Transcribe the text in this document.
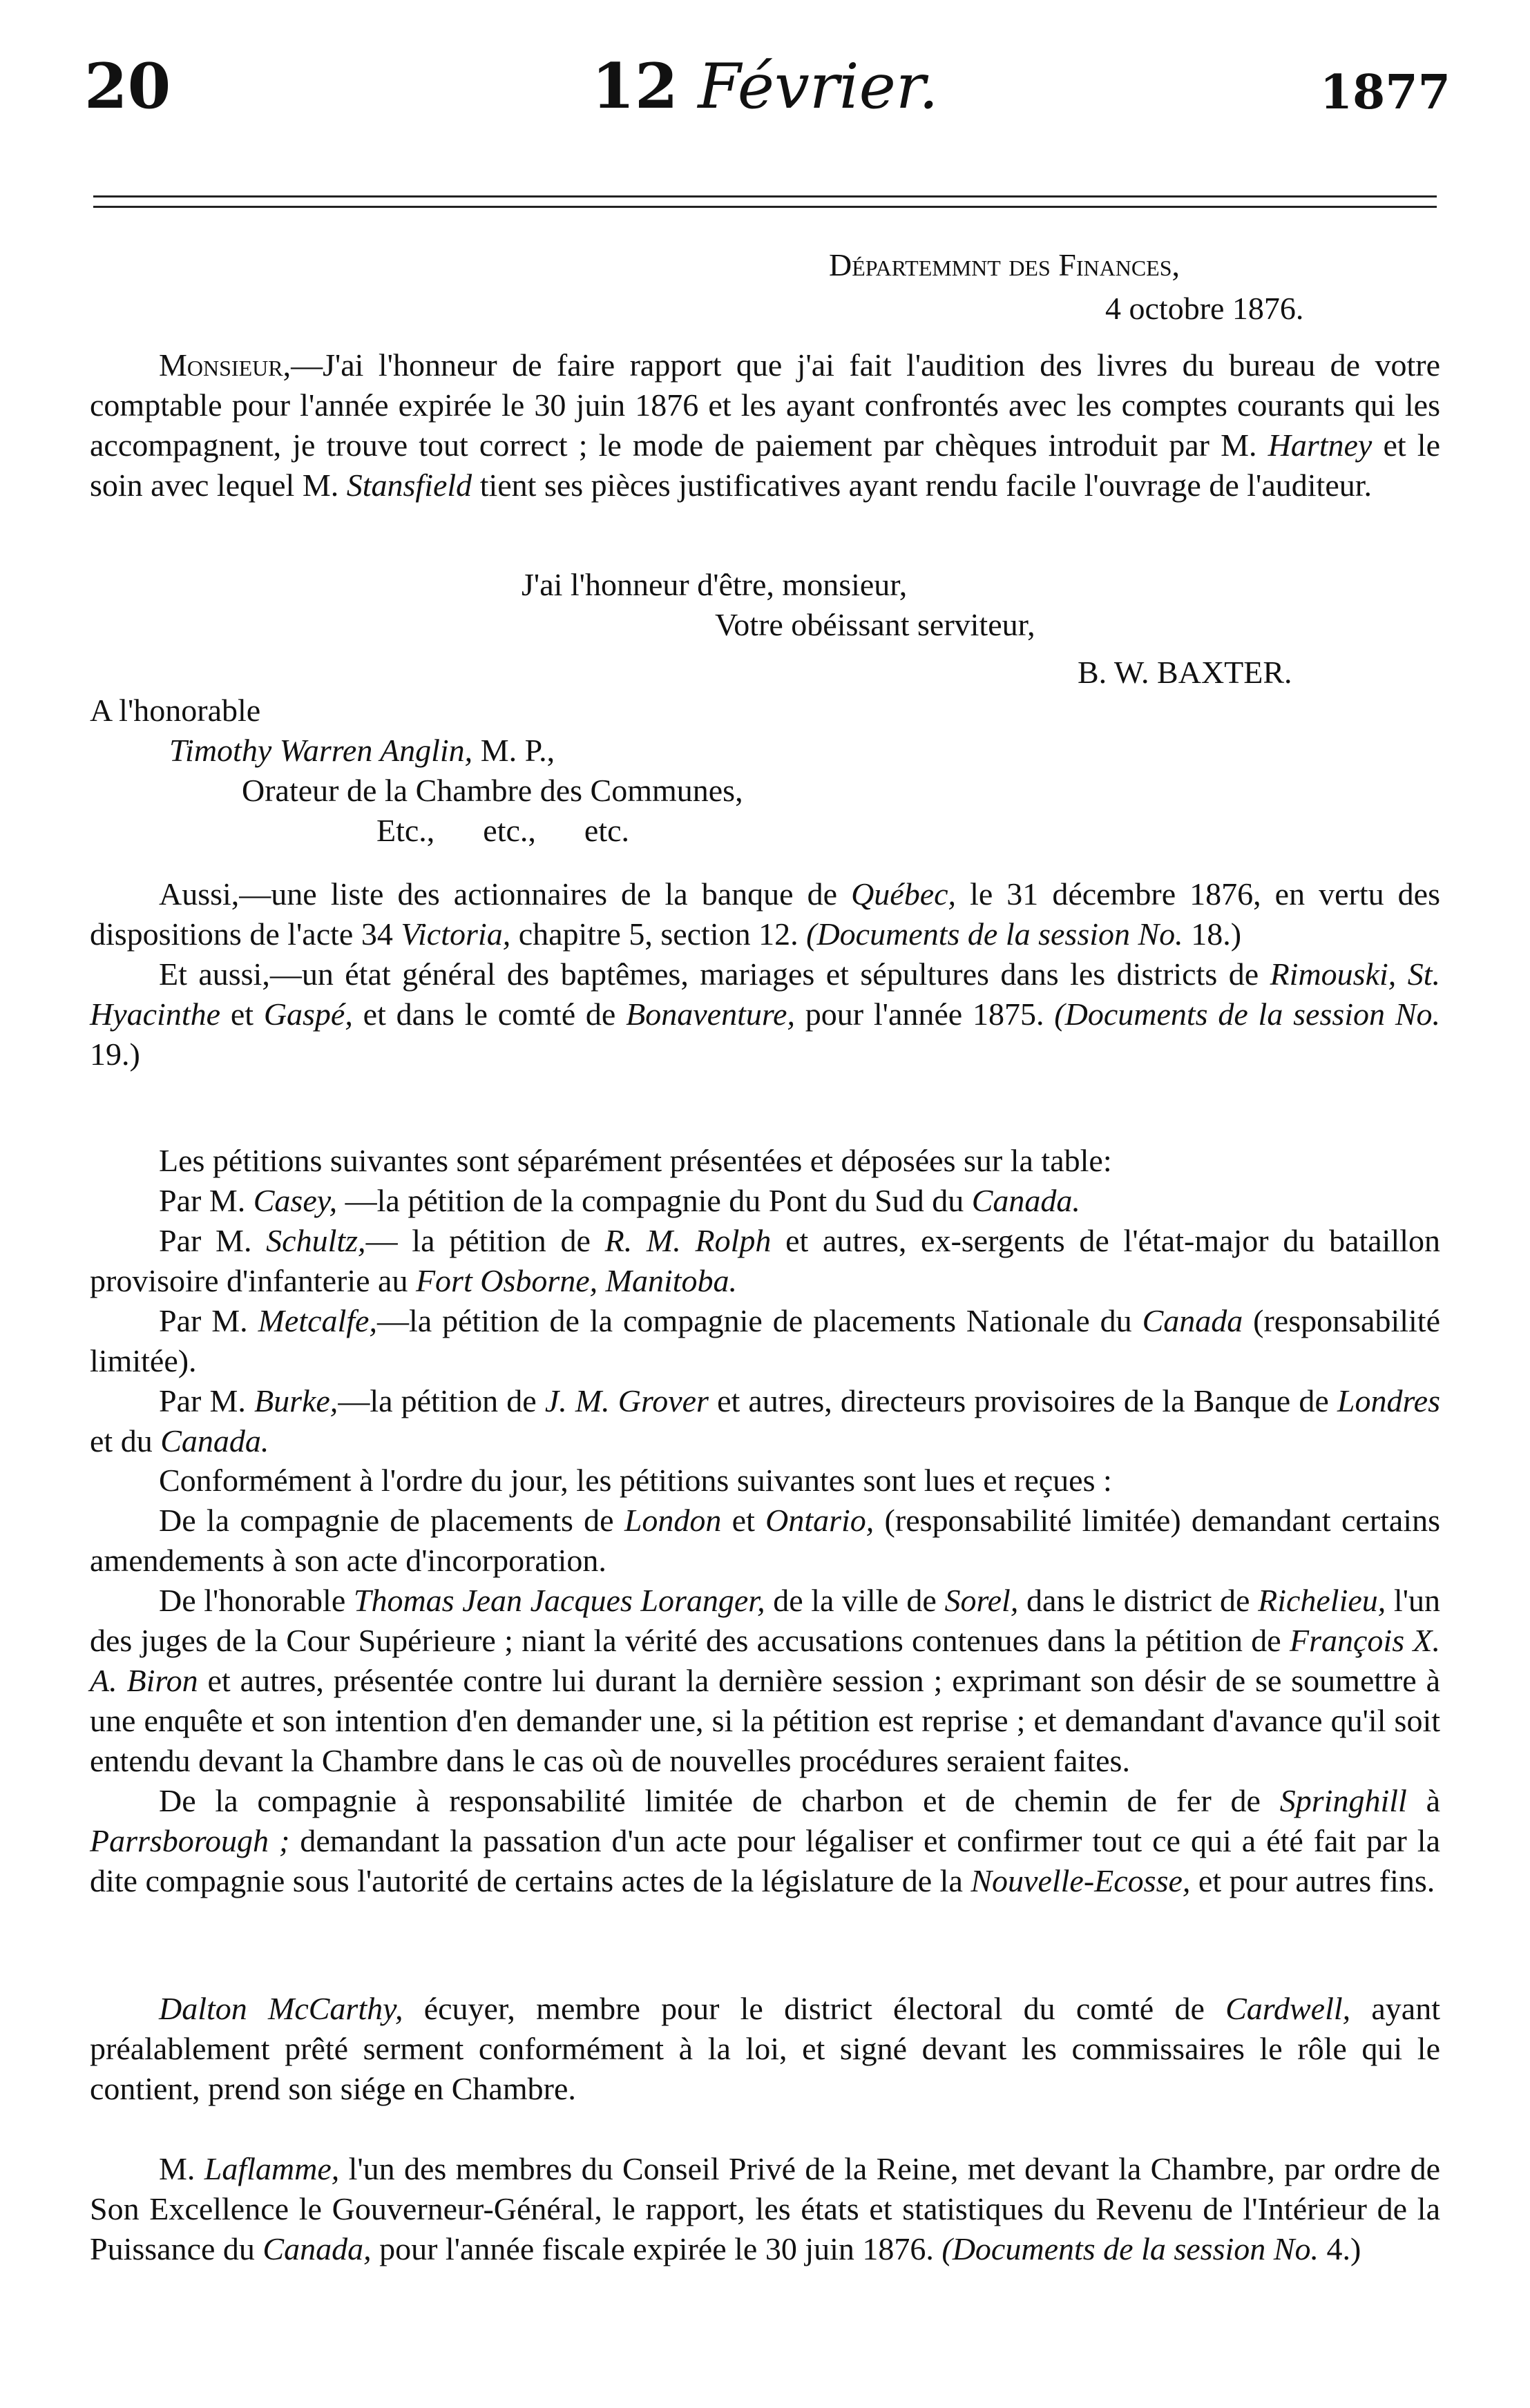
20	12 Février.	1877
Départemmnt des Finances,
4 octobre 1876.
Monsieur,—J'ai l'honneur de faire rapport que j'ai fait l'audition des livres du bureau de votre comptable pour l'année expirée le 30 juin 1876 et les ayant confrontés avec les comptes courants qui les accompagnent, je trouve tout correct ; le mode de paiement par chèques introduit par M. Hartney et le soin avec lequel M. Stansfield tient ses pièces justificatives ayant rendu facile l'ouvrage de l'auditeur.
J'ai l'honneur d'être, monsieur,
Votre obéissant serviteur,
B. W. BAXTER.
A l'honorable
Timothy Warren Anglin, M. P.,
Orateur de la Chambre des Communes,
Etc., etc., etc.

Aussi,—une liste des actionnaires de la banque de Québec, le 31 décembre 1876, en vertu des dispositions de l'acte 34 Victoria, chapitre 5, section 12. (Documents de la session No. 18.)

Et aussi,—un état général des baptêmes, mariages et sépultures dans les districts de Rimouski, St. Hyacinthe et Gaspé, et dans le comté de Bonaventure, pour l'année 1875. (Documents de la session No. 19.)

Les pétitions suivantes sont séparément présentées et déposées sur la table:

Par M. Casey, —la pétition de la compagnie du Pont du Sud du Canada.

Par M. Schultz,— la pétition de R. M. Rolph et autres, ex-sergents de l'état-major du bataillon provisoire d'infanterie au Fort Osborne, Manitoba.

Par M. Metcalfe,—la pétition de la compagnie de placements Nationale du Canada (responsabilité limitée).

Par M. Burke,—la pétition de J. M. Grover et autres, directeurs provisoires de la Banque de Londres et du Canada.

Conformément à l'ordre du jour, les pétitions suivantes sont lues et reçues :

De la compagnie de placements de London et Ontario, (responsabilité limitée) demandant certains amendements à son acte d'incorporation.

De l'honorable Thomas Jean Jacques Loranger, de la ville de Sorel, dans le district de Richelieu, l'un des juges de la Cour Supérieure ; niant la vérité des accusations contenues dans la pétition de François X. A. Biron et autres, présentée contre lui durant la dernière session ; exprimant son désir de se soumettre à une enquête et son intention d'en demander une, si la pétition est reprise ; et demandant d'avance qu'il soit entendu devant la Chambre dans le cas où de nouvelles procédures seraient faites.

De la compagnie à responsabilité limitée de charbon et de chemin de fer de Springhill à Parrsborough ; demandant la passation d'un acte pour légaliser et confirmer tout ce qui a été fait par la dite compagnie sous l'autorité de certains actes de la législature de la Nouvelle-Ecosse, et pour autres fins.

Dalton McCarthy, écuyer, membre pour le district électoral du comté de Cardwell, ayant préalablement prêté serment conformément à la loi, et signé devant les commissaires le rôle qui le contient, prend son siége en Chambre.
M. Laflamme, l'un des membres du Conseil Privé de la Reine, met devant la Chambre, par ordre de Son Excellence le Gouverneur-Général, le rapport, les états et statistiques du Revenu de l'Intérieur de la Puissance du Canada, pour l'année fiscale expirée le 30 juin 1876. (Documents de la session No. 4.)
